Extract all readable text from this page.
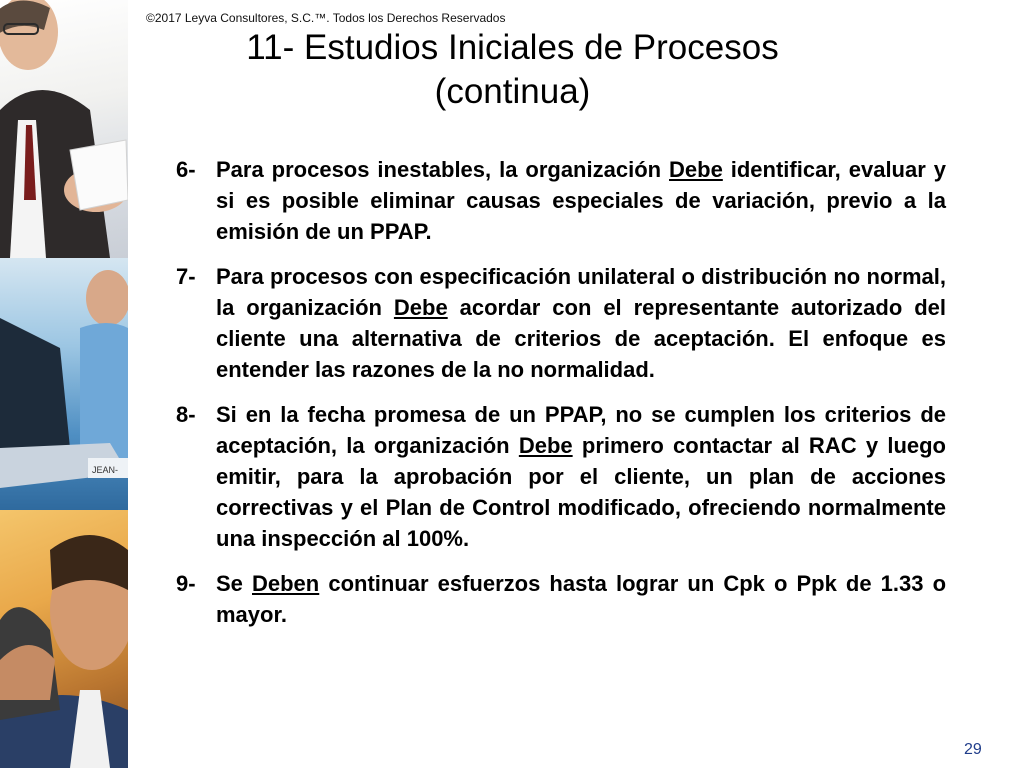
JEAN-
©2017 Leyva Consultores, S.C.™. Todos los Derechos Reservados
11- Estudios Iniciales de Procesos
(continua)
6- Para procesos inestables, la organización Debe identificar, evaluar y si es posible eliminar causas especiales de variación, previo a la emisión de un PPAP.
7- Para procesos con especificación unilateral o distribución no normal, la organización Debe acordar con el representante autorizado del cliente una alternativa de criterios de aceptación. El enfoque es entender las razones de la no normalidad.
8- Si en la fecha promesa de un PPAP, no se cumplen los criterios de aceptación, la organización Debe primero contactar al RAC y luego emitir, para la aprobación por el cliente, un plan de acciones correctivas y el Plan de Control modificado, ofreciendo normalmente una inspección al 100%.
9- Se Deben continuar esfuerzos hasta lograr un Cpk o Ppk de 1.33 o mayor.
29
